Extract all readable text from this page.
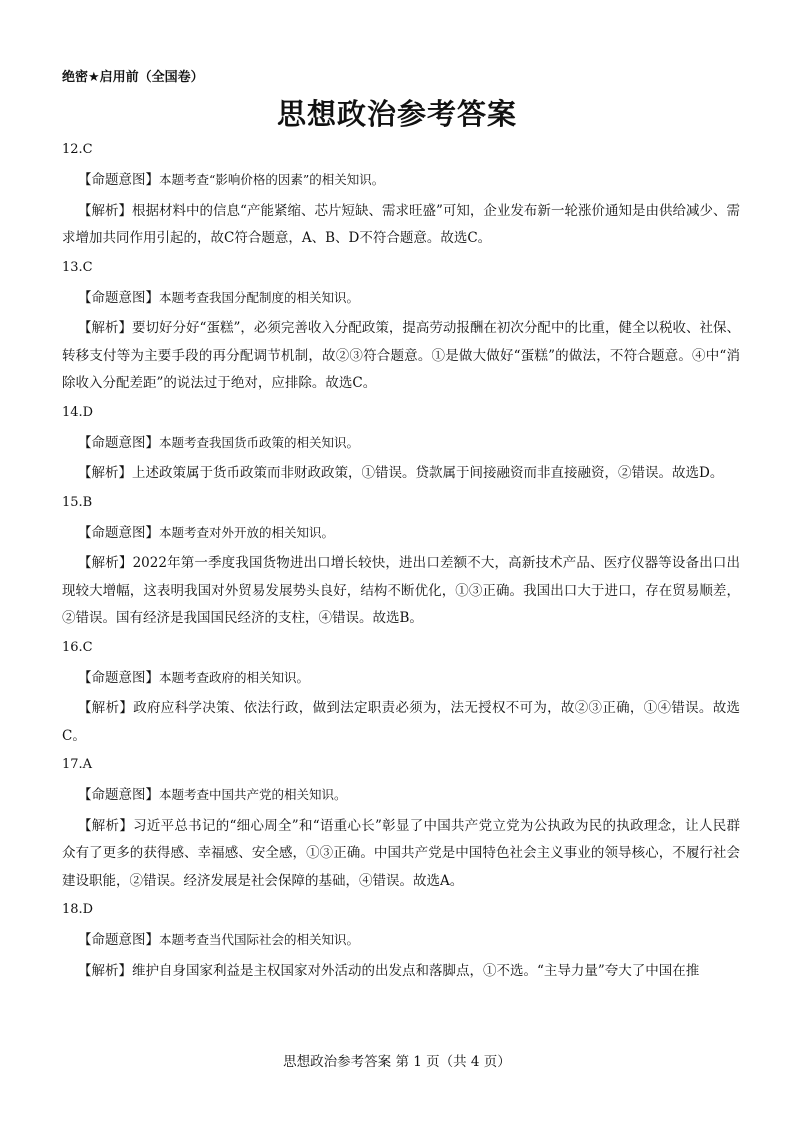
绝密★启用前（全国卷）
思想政治参考答案
12.C
【命题意图】本题考查“影响价格的因素”的相关知识。
【解析】根据材料中的信息“产能紧缩、芯片短缺、需求旺盛”可知，企业发布新一轮涨价通知是由供给减少、需求增加共同作用引起的，故C符合题意，A、B、D不符合题意。故选C。
13.C
【命题意图】本题考查我国分配制度的相关知识。
【解析】要切好分好“蛋糕”，必须完善收入分配政策，提高劳动报酬在初次分配中的比重，健全以税收、社保、转移支付等为主要手段的再分配调节机制，故②③符合题意。①是做大做好“蛋糕”的做法，不符合题意。④中“消除收入分配差距”的说法过于绝对，应排除。故选C。
14.D
【命题意图】本题考查我国货币政策的相关知识。
【解析】上述政策属于货币政策而非财政政策，①错误。贷款属于间接融资而非直接融资，②错误。故选D。
15.B
【命题意图】本题考查对外开放的相关知识。
【解析】2022年第一季度我国货物进出口增长较快，进出口差额不大，高新技术产品、医疗仪器等设备出口出现较大增幅，这表明我国对外贸易发展势头良好，结构不断优化，①③正确。我国出口大于进口，存在贸易顺差，②错误。国有经济是我国国民经济的支柱，④错误。故选B。
16.C
【命题意图】本题考查政府的相关知识。
【解析】政府应科学决策、依法行政，做到法定职责必须为，法无授权不可为，故②③正确，①④错误。故选C。
17.A
【命题意图】本题考查中国共产党的相关知识。
【解析】习近平总书记的“细心周全”和“语重心长”彰显了中国共产党立党为公执政为民的执政理念，让人民群众有了更多的获得感、幸福感、安全感，①③正确。中国共产党是中国特色社会主义事业的领导核心，不履行社会建设职能，②错误。经济发展是社会保障的基础，④错误。故选A。
18.D
【命题意图】本题考查当代国际社会的相关知识。
【解析】维护自身国家利益是主权国家对外活动的出发点和落脚点，①不选。“主导力量”夸大了中国在推
思想政治参考答案 第 1 页（共 4 页）
